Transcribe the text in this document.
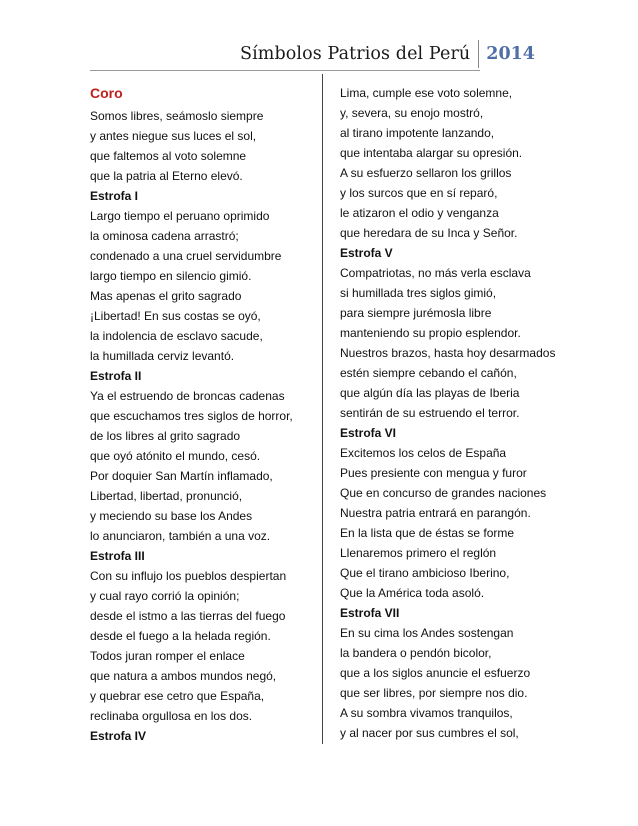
Símbolos Patrios del Perú 2014
Coro
Somos libres, seámoslo siempre
y antes niegue sus luces el sol,
que faltemos al voto solemne
que la patria al Eterno elevó.
Estrofa I
Largo tiempo el peruano oprimido
la ominosa cadena arrastró;
condenado a una cruel servidumbre
largo tiempo en silencio gimió.
Mas apenas el grito sagrado
¡Libertad! En sus costas se oyó,
la indolencia de esclavo sacude,
la humillada cerviz levantó.
Estrofa II
Ya el estruendo de broncas cadenas
que escuchamos tres siglos de horror,
de los libres al grito sagrado
que oyó atónito el mundo, cesó.
Por doquier San Martín inflamado,
Libertad, libertad, pronunció,
y meciendo su base los Andes
lo anunciaron, también a una voz.
Estrofa III
Con su influjo los pueblos despiertan
y cual rayo corrió la opinión;
desde el istmo a las tierras del fuego
desde el fuego a la helada región.
Todos juran romper el enlace
que natura a ambos mundos negó,
y quebrar ese cetro que España,
reclinaba orgullosa en los dos.
Estrofa IV
Lima, cumple ese voto solemne,
y, severa, su enojo mostró,
al tirano impotente lanzando,
que intentaba alargar su opresión.
A su esfuerzo sellaron los grillos
y los surcos que en sí reparó,
le atizaron el odio y venganza
que heredara de su Inca y Señor.
Estrofa V
Compatriotas, no más verla esclava
si humillada tres siglos gimió,
para siempre jurémosla libre
manteniendo su propio esplendor.
Nuestros brazos, hasta hoy desarmados
estén siempre cebando el cañón,
que algún día las playas de Iberia
sentirán de su estruendo el terror.
Estrofa VI
Excitemos los celos de España
Pues presiente con mengua y furor
Que en concurso de grandes naciones
Nuestra patria entrará en parangón.
En la lista que de éstas se forme
Llenaremos primero el reglón
Que el tirano ambicioso Iberino,
Que la América toda asoló.
Estrofa VII
En su cima los Andes sostengan
la bandera o pendón bicolor,
que a los siglos anuncie el esfuerzo
que ser libres, por siempre nos dio.
A su sombra vivamos tranquilos,
y al nacer por sus cumbres el sol,
